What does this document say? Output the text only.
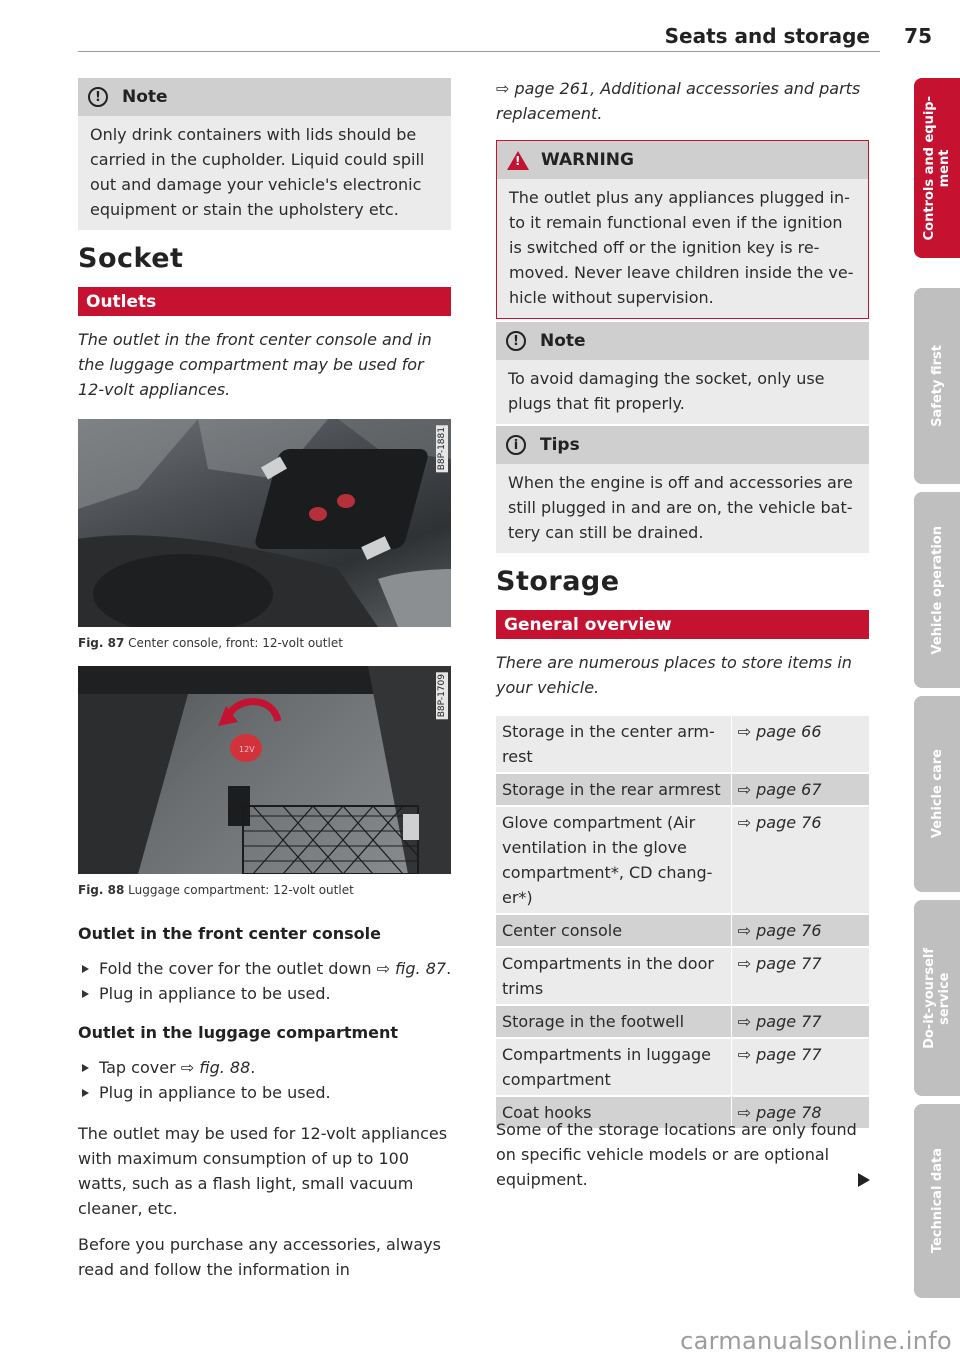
Seats and storage 75
!	Note
Only drink containers with lids should be
carried in the cupholder. Liquid could spill
out and damage your vehicle's electronic
equipment or stain the upholstery etc.
Socket
Outlets
The outlet in the front center console and in
the luggage compartment may be used for
12-volt appliances.
B8P-1881
Fig. 87 Center console, front: 12-volt outlet
12V
B8P-1709
Fig. 88 Luggage compartment: 12-volt outlet
Outlet in the front center console
Fold the cover for the outlet down ⇨ fig. 87.
Plug in appliance to be used.
Outlet in the luggage compartment
Tap cover ⇨ fig. 88.
Plug in appliance to be used.
The outlet may be used for 12-volt appliances
with maximum consumption of up to 100
watts, such as a flash light, small vacuum
cleaner, etc.
Before you purchase any accessories, always
read and follow the information in
⇨ page 261, Additional accessories and parts
replacement.
!
WARNING
The outlet plus any appliances plugged in-
to it remain functional even if the ignition
is switched off or the ignition key is re-
moved. Never leave children inside the ve-
hicle without supervision.
!	Note
To avoid damaging the socket, only use
plugs that fit properly.
i	Tips
When the engine is off and accessories are
still plugged in and are on, the vehicle bat-
tery can still be drained.
Storage
General overview
There are numerous places to store items in
your vehicle.
Storage in the center arm-
rest	⇨ page 66
Storage in the rear armrest	⇨ page 67
Glove compartment (Air
ventilation in the glove
compartment*, CD chang-
er*)	⇨ page 76
Center console	⇨ page 76
Compartments in the door
trims	⇨ page 77
Storage in the footwell	⇨ page 77
Compartments in luggage
compartment	⇨ page 77
Coat hooks	⇨ page 78
Some of the storage locations are only found
on specific vehicle models or are optional
equipment.
Controls and equip-
ment
Safety first
Vehicle operation
Vehicle care
Do-it-yourself
service
Technical data
carmanualsonline.info
